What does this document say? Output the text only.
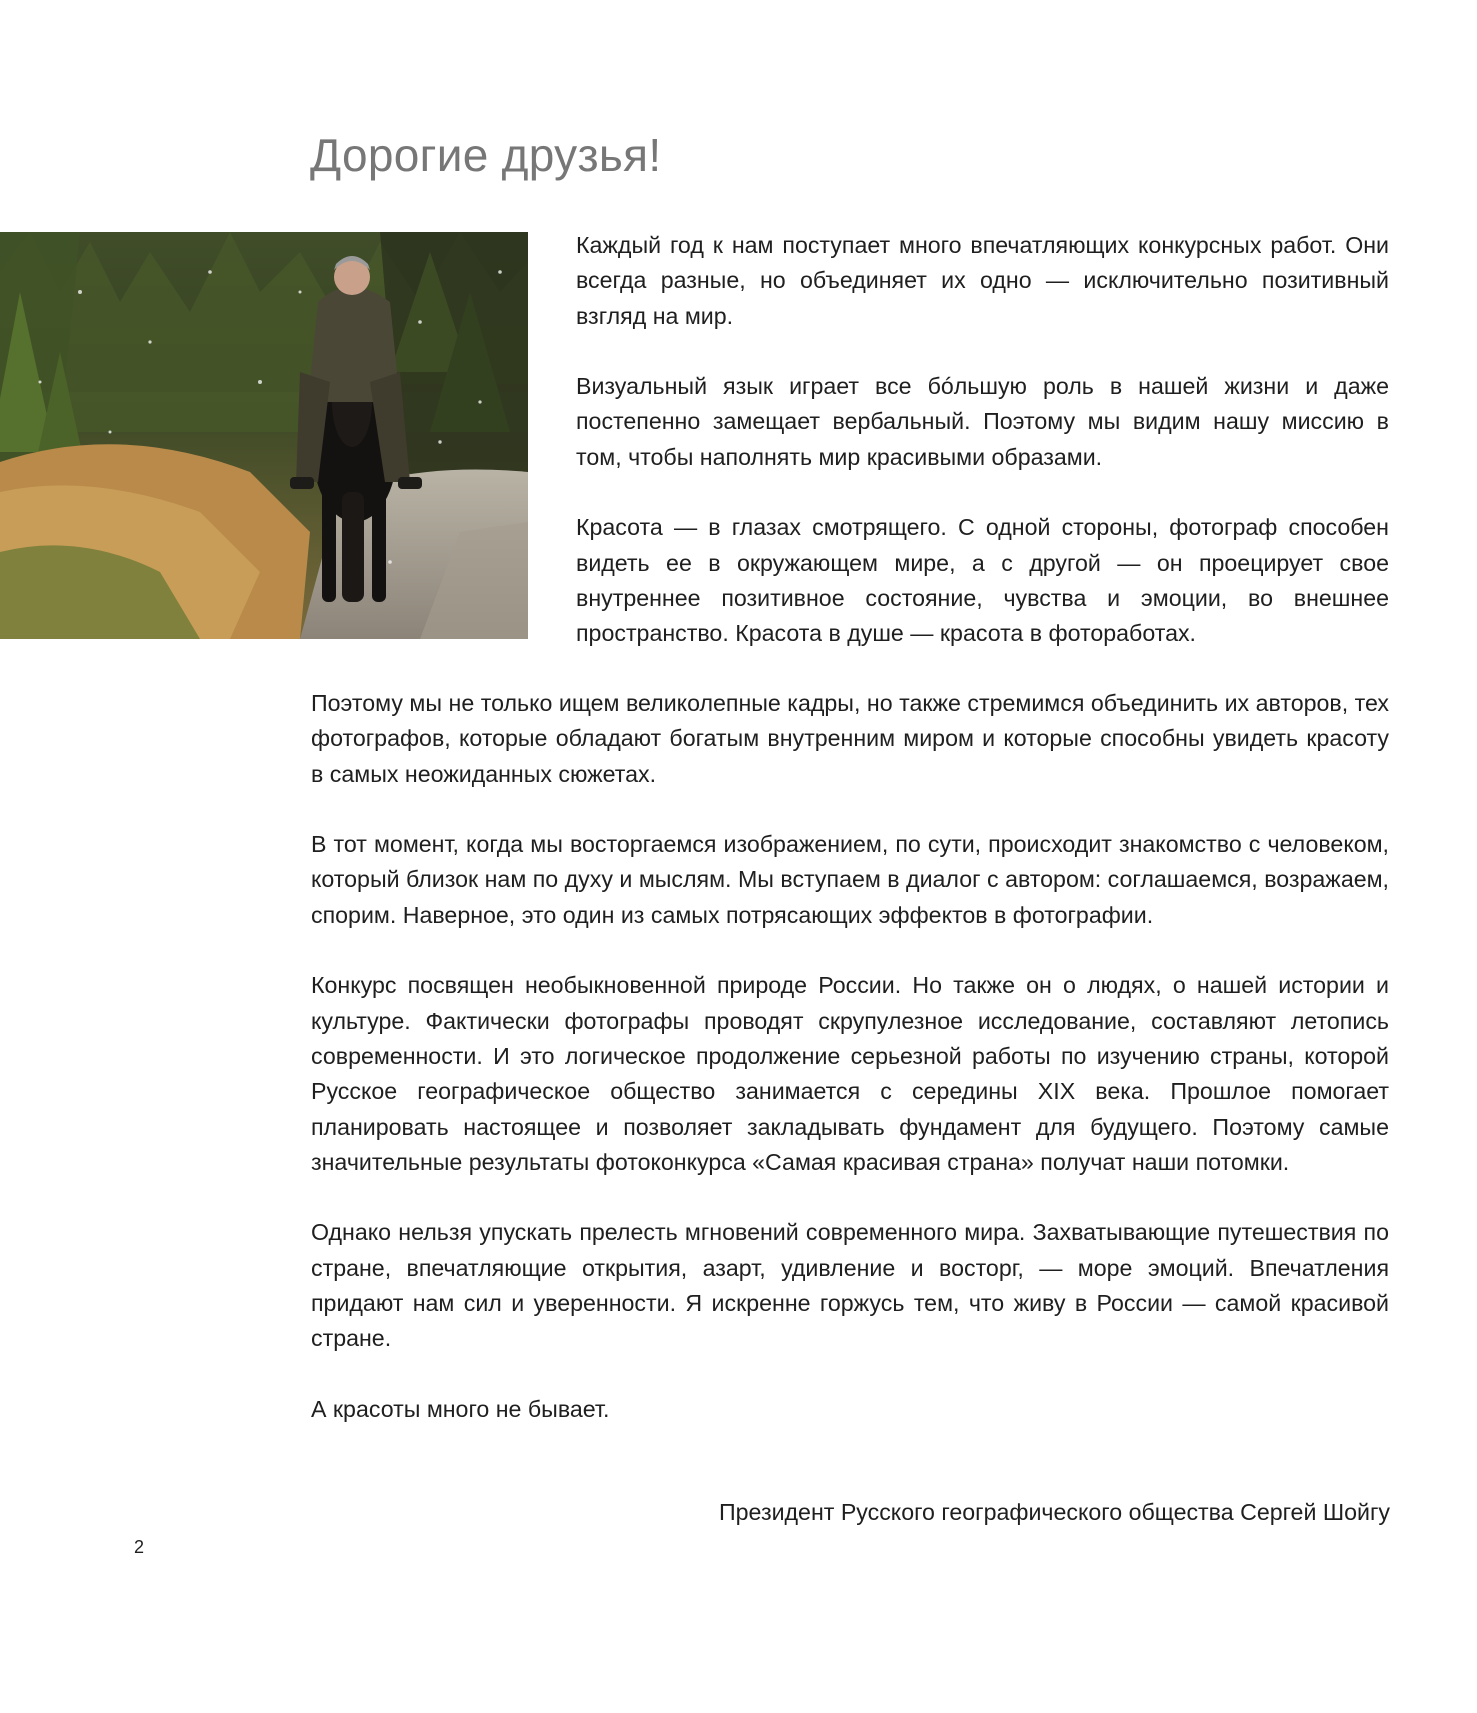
Дорогие друзья!

Каждый год к нам поступает много впечатляющих конкурсных работ. Они всегда разные, но объединяет их одно — исключительно позитивный взгляд на мир.

Визуальный язык играет все бóльшую роль в нашей жизни и даже постепенно замещает вербальный. Поэтому мы видим нашу миссию в том, чтобы наполнять мир красивыми образами.

Красота — в глазах смотрящего. С одной стороны, фотограф способен видеть ее в окружающем мире, а с другой — он проецирует свое внутреннее позитивное состояние, чувства и эмоции, во внешнее пространство. Красота в душе — красота в фотоработах.

Поэтому мы не только ищем великолепные кадры, но также стремимся объединить их авторов, тех фотографов, которые обладают богатым внутренним миром и которые способны увидеть красоту в самых неожиданных сюжетах.

В тот момент, когда мы восторгаемся изображением, по сути, происходит знакомство с человеком, который близок нам по духу и мыслям. Мы вступаем в диалог с автором: соглашаемся, возражаем, спорим. Наверное, это один из самых потрясающих эффектов в фотографии.

Конкурс посвящен необыкновенной природе России. Но также он о людях, о нашей истории и культуре. Фактически фотографы проводят скрупулезное исследование, составляют летопись современности. И это логическое продолжение серьезной работы по изучению страны, которой Русское географическое общество занимается с середины XIX века. Прошлое помогает планировать настоящее и позволяет закладывать фундамент для будущего. Поэтому самые значительные результаты фотоконкурса «Самая красивая страна» получат наши потомки.

Однако нельзя упускать прелесть мгновений современного мира. Захватывающие путешествия по стране, впечатляющие открытия, азарт, удивление и восторг, — море эмоций. Впечатления придают нам сил и уверенности. Я искренне горжусь тем, что живу в России — самой красивой стране.

А красоты много не бывает.

Президент Русского географического общества Сергей Шойгу
2
